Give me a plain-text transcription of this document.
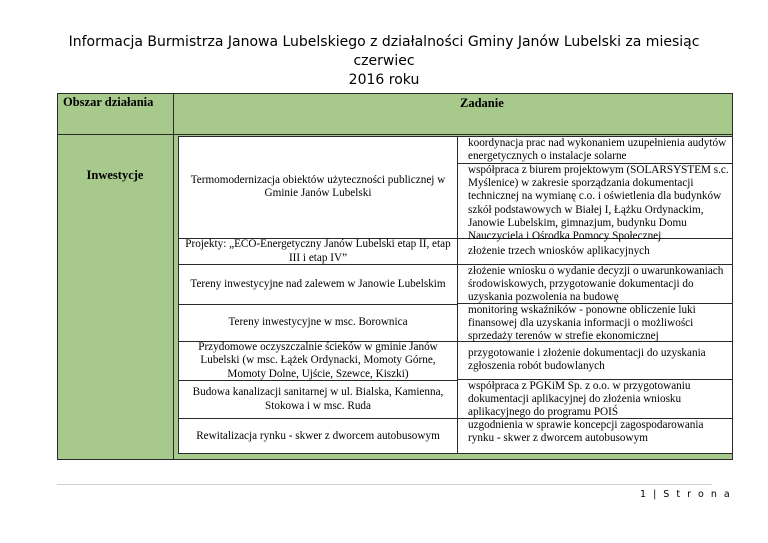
Informacja Burmistrza Janowa Lubelskiego z działalności Gminy Janów Lubelski za miesiąc czerwiec
2016 roku
Obszar działania	Zadanie
Inwestycje	Termomodernizacja obiektów użyteczności publicznej w Gminie Janów Lubelski
Projekty: „ECO-Energetyczny Janów Lubelski etap II, etap III i etap IV”
Tereny inwestycyjne nad zalewem w Janowie Lubelskim
Tereny inwestycyjne w msc. Borownica
Przydomowe oczyszczalnie ścieków w gminie Janów Lubelski (w msc. Łążek Ordynacki, Momoty Górne, Momoty Dolne, Ujście, Szewce, Kiszki)
Budowa kanalizacji sanitarnej w ul. Bialska, Kamienna, Stokowa i w msc. Ruda
Rewitalizacja rynku - skwer z dworcem autobusowym
koordynacja prac nad wykonaniem uzupełnienia audytów energetycznych o instalacje solarne
współpraca z biurem projektowym (SOLARSYSTEM s.c. Myślenice) w zakresie sporządzania dokumentacji technicznej na wymianę c.o. i oświetlenia dla budynków szkół podstawowych w Białej I, Łążku Ordynackim, Janowie Lubelskim, gimnazjum, budynku Domu Nauczyciela i Ośrodka Pomocy Społecznej
złożenie trzech wniosków aplikacyjnych
złożenie wniosku o wydanie decyzji o uwarunkowaniach środowiskowych, przygotowanie dokumentacji do uzyskania pozwolenia na budowę
monitoring wskaźników - ponowne obliczenie luki finansowej dla uzyskania informacji o możliwości sprzedaży terenów w strefie ekonomicznej
przygotowanie i złożenie dokumentacji do uzyskania zgłoszenia robót budowlanych
współpraca z PGKiM Sp. z o.o. w przygotowaniu dokumentacji aplikacyjnej do złożenia wniosku aplikacyjnego do programu POIŚ
uzgodnienia w sprawie koncepcji zagospodarowania rynku - skwer z dworcem autobusowym
1 | S t r o n a
